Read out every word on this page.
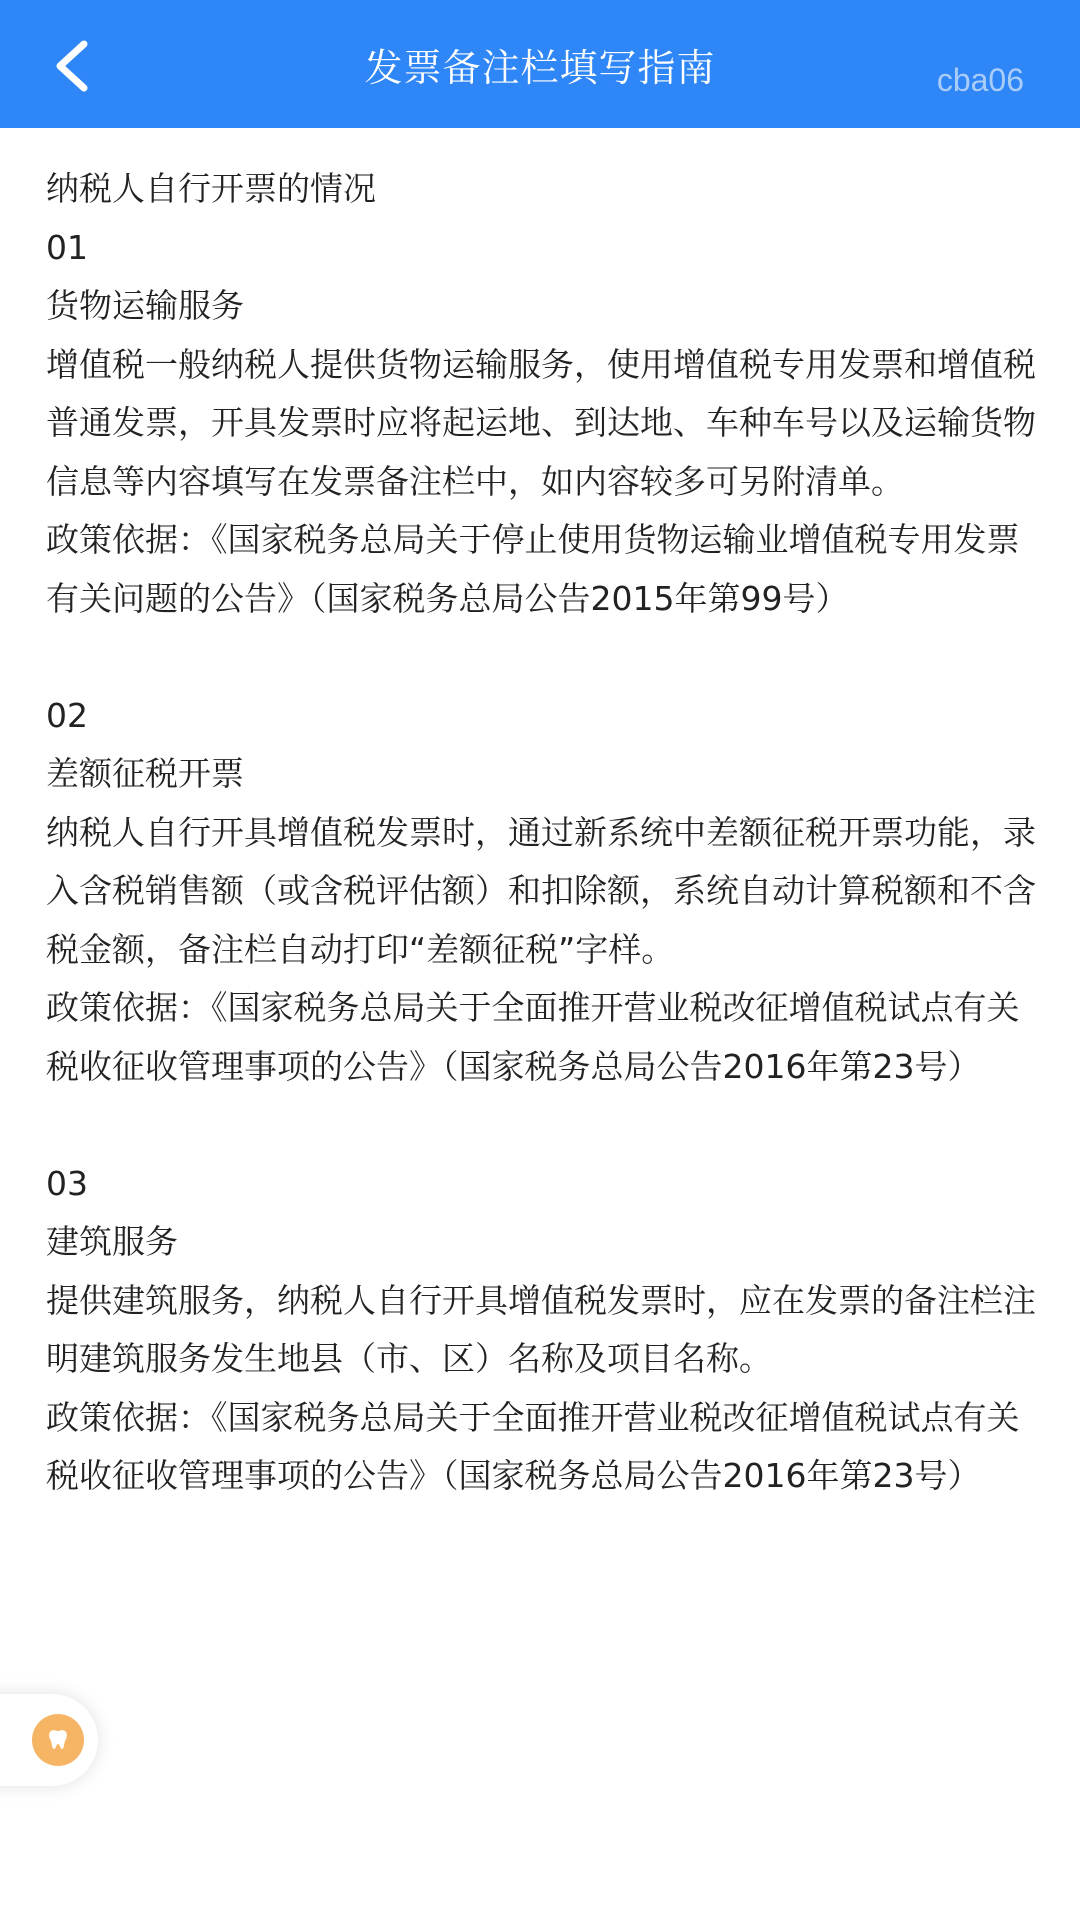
发票备注栏填写指南	cba06

纳税人自行开票的情况

01

货物运输服务

增值税一般纳税人提供货物运输服务，使用增值税专用发票和增值税普通发票，开具发票时应将起运地、到达地、车种车号以及运输货物信息等内容填写在发票备注栏中，如内容较多可另附清单。

政策依据：《国家税务总局关于停止使用货物运输业增值税专用发票有关问题的公告》（国家税务总局公告2015年第99号）

02

差额征税开票

纳税人自行开具增值税发票时，通过新系统中差额征税开票功能，录入含税销售额（或含税评估额）和扣除额，系统自动计算税额和不含税金额，备注栏自动打印“差额征税”字样。

政策依据：《国家税务总局关于全面推开营业税改征增值税试点有关税收征收管理事项的公告》（国家税务总局公告2016年第23号）

03

建筑服务

提供建筑服务，纳税人自行开具增值税发票时，应在发票的备注栏注明建筑服务发生地县（市、区）名称及项目名称。

政策依据：《国家税务总局关于全面推开营业税改征增值税试点有关税收征收管理事项的公告》（国家税务总局公告2016年第23号）
